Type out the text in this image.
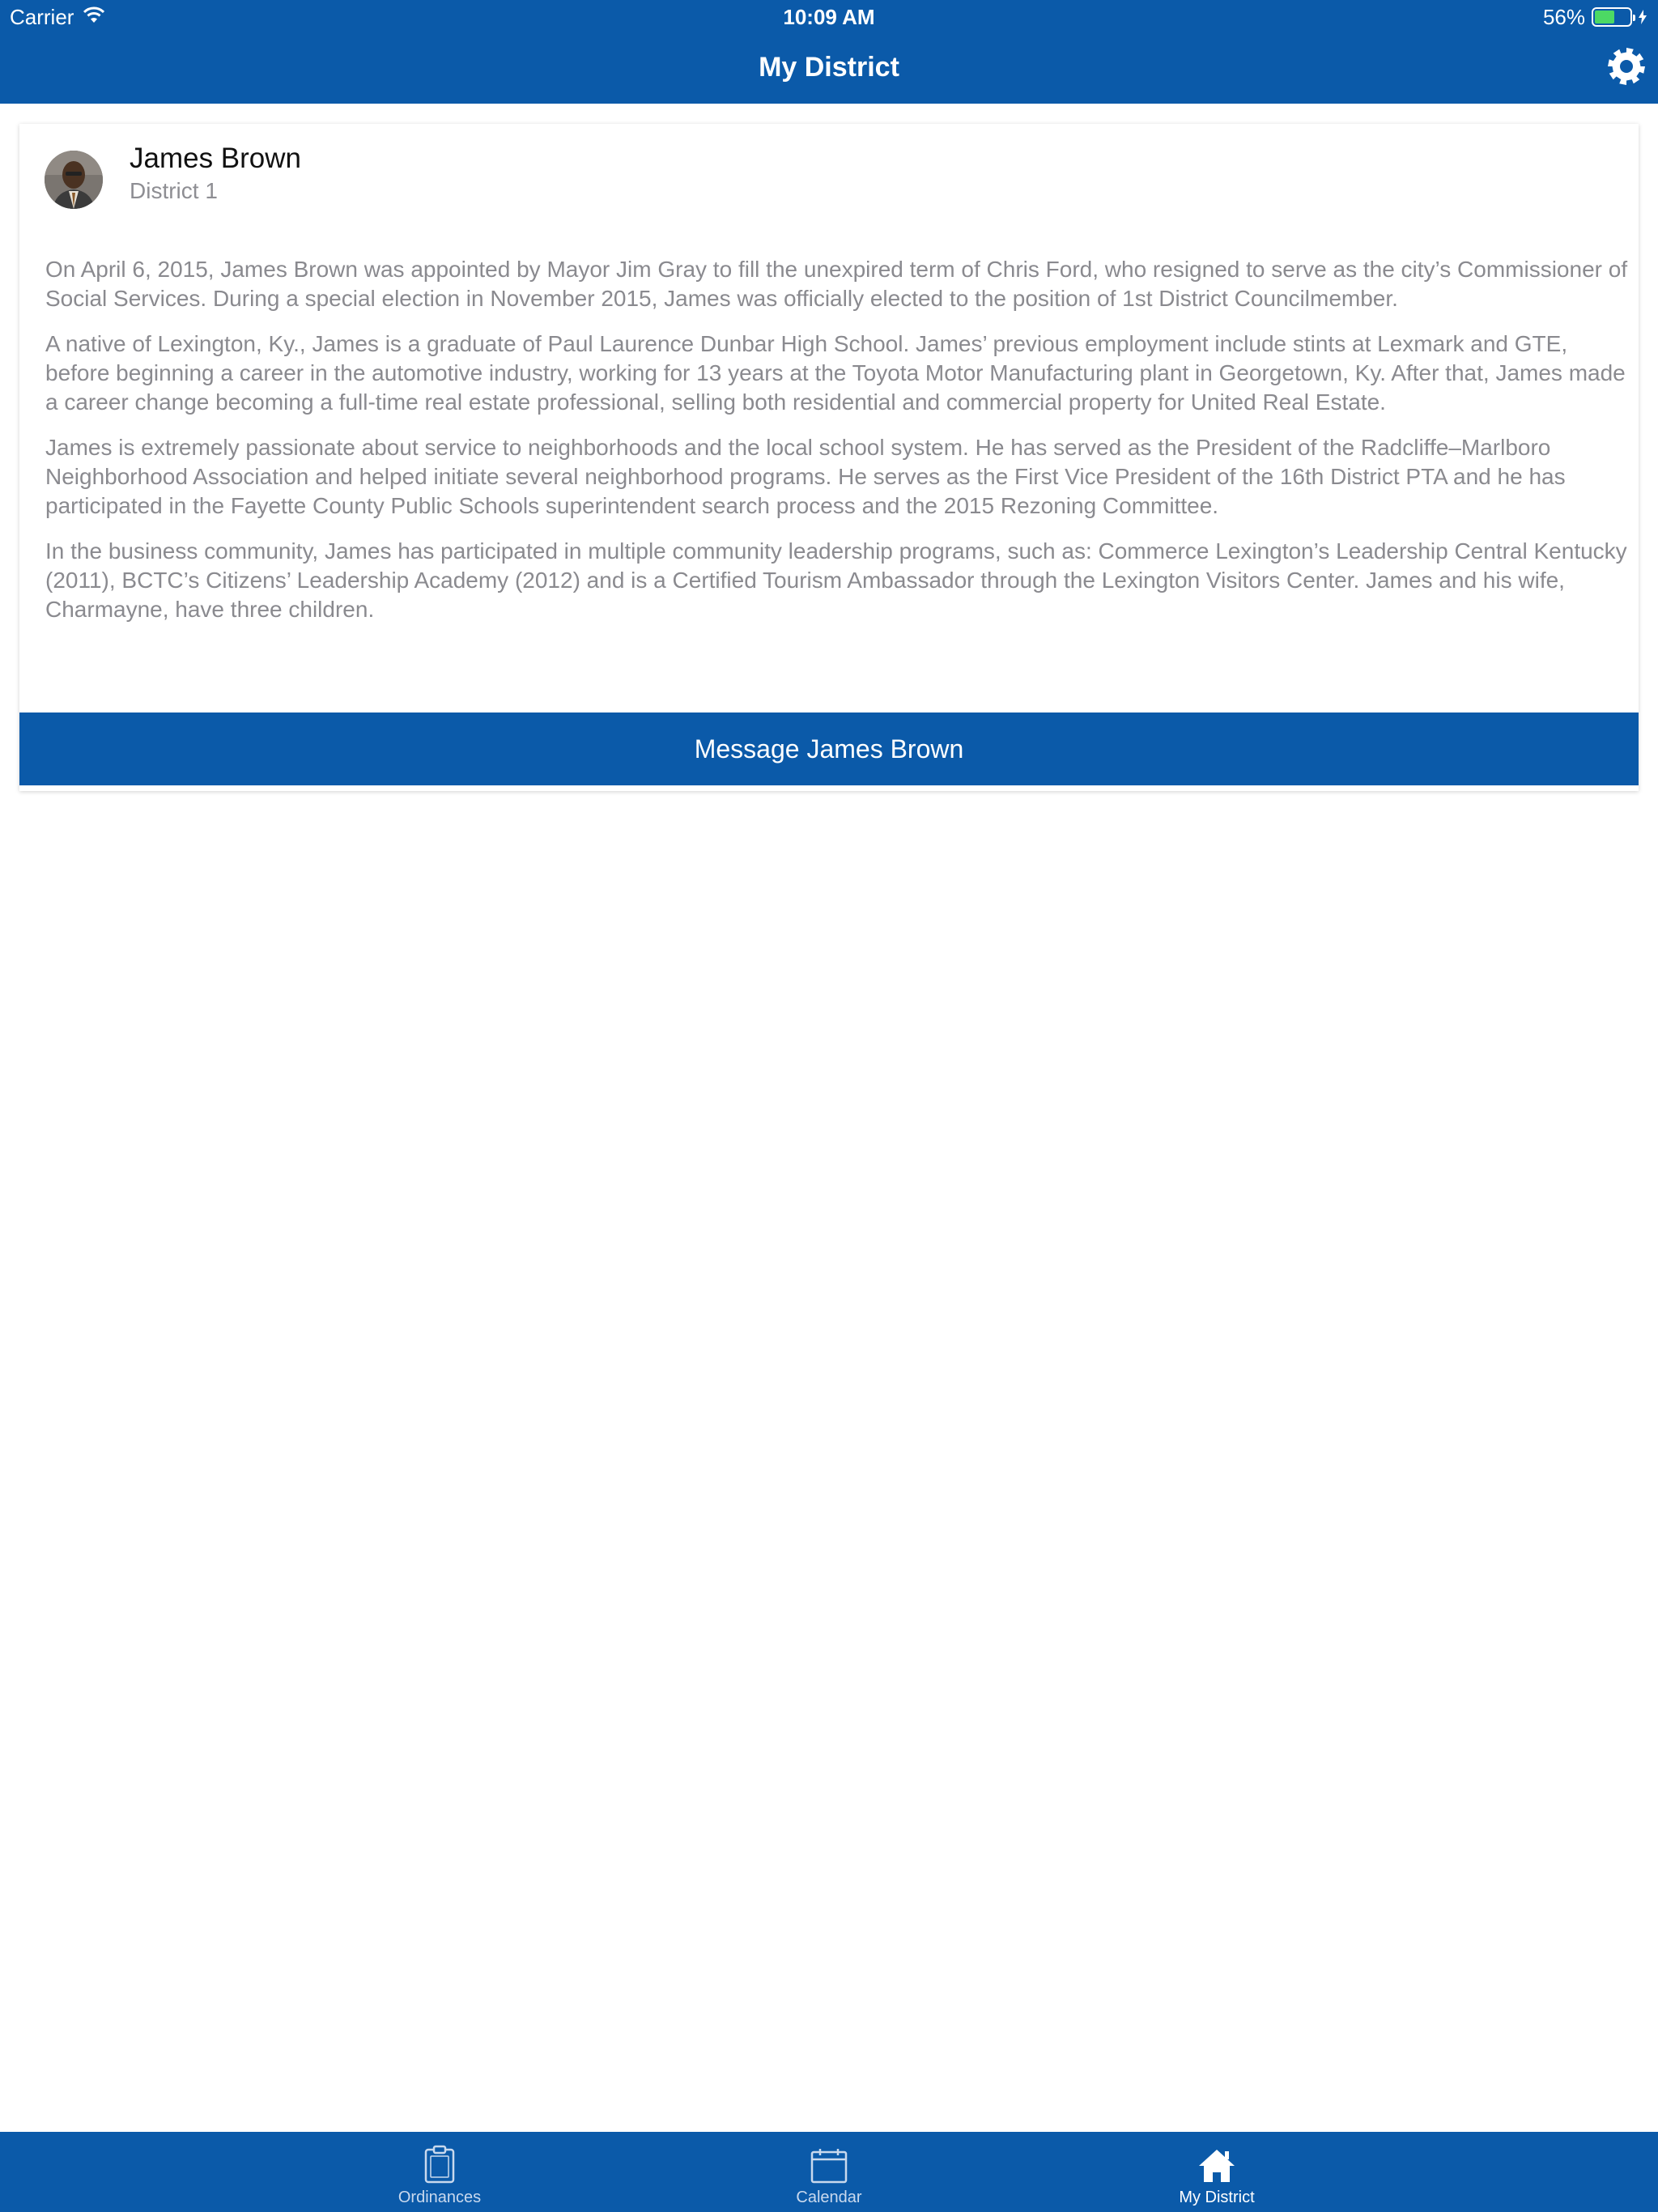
Carrier	10:09 AM	56%
My District
James Brown
District 1

On April 6, 2015, James Brown was appointed by Mayor Jim Gray to fill the unexpired term of Chris Ford, who resigned to serve as the city’s Commissioner of Social Services. During a special election in November 2015, James was officially elected to the position of 1st District Councilmember.

A native of Lexington, Ky., James is a graduate of Paul Laurence Dunbar High School. James’ previous employment include stints at Lexmark and GTE, before beginning a career in the automotive industry, working for 13 years at the Toyota Motor Manufacturing plant in Georgetown, Ky. After that, James made a career change becoming a full-time real estate professional, selling both residential and commercial property for United Real Estate.

James is extremely passionate about service to neighborhoods and the local school system. He has served as the President of the Radcliffe–Marlboro Neighborhood Association and helped initiate several neighborhood programs. He serves as the First Vice President of the 16th District PTA and he has participated in the Fayette County Public Schools superintendent search process and the 2015 Rezoning Committee.

In the business community, James has participated in multiple community leadership programs, such as: Commerce Lexington’s Leadership Central Kentucky (2011), BCTC’s Citizens’ Leadership Academy (2012) and is a Certified Tourism Ambassador through the Lexington Visitors Center. James and his wife, Charmayne, have three children.

Message James Brown
Ordinances	Calendar	My District
